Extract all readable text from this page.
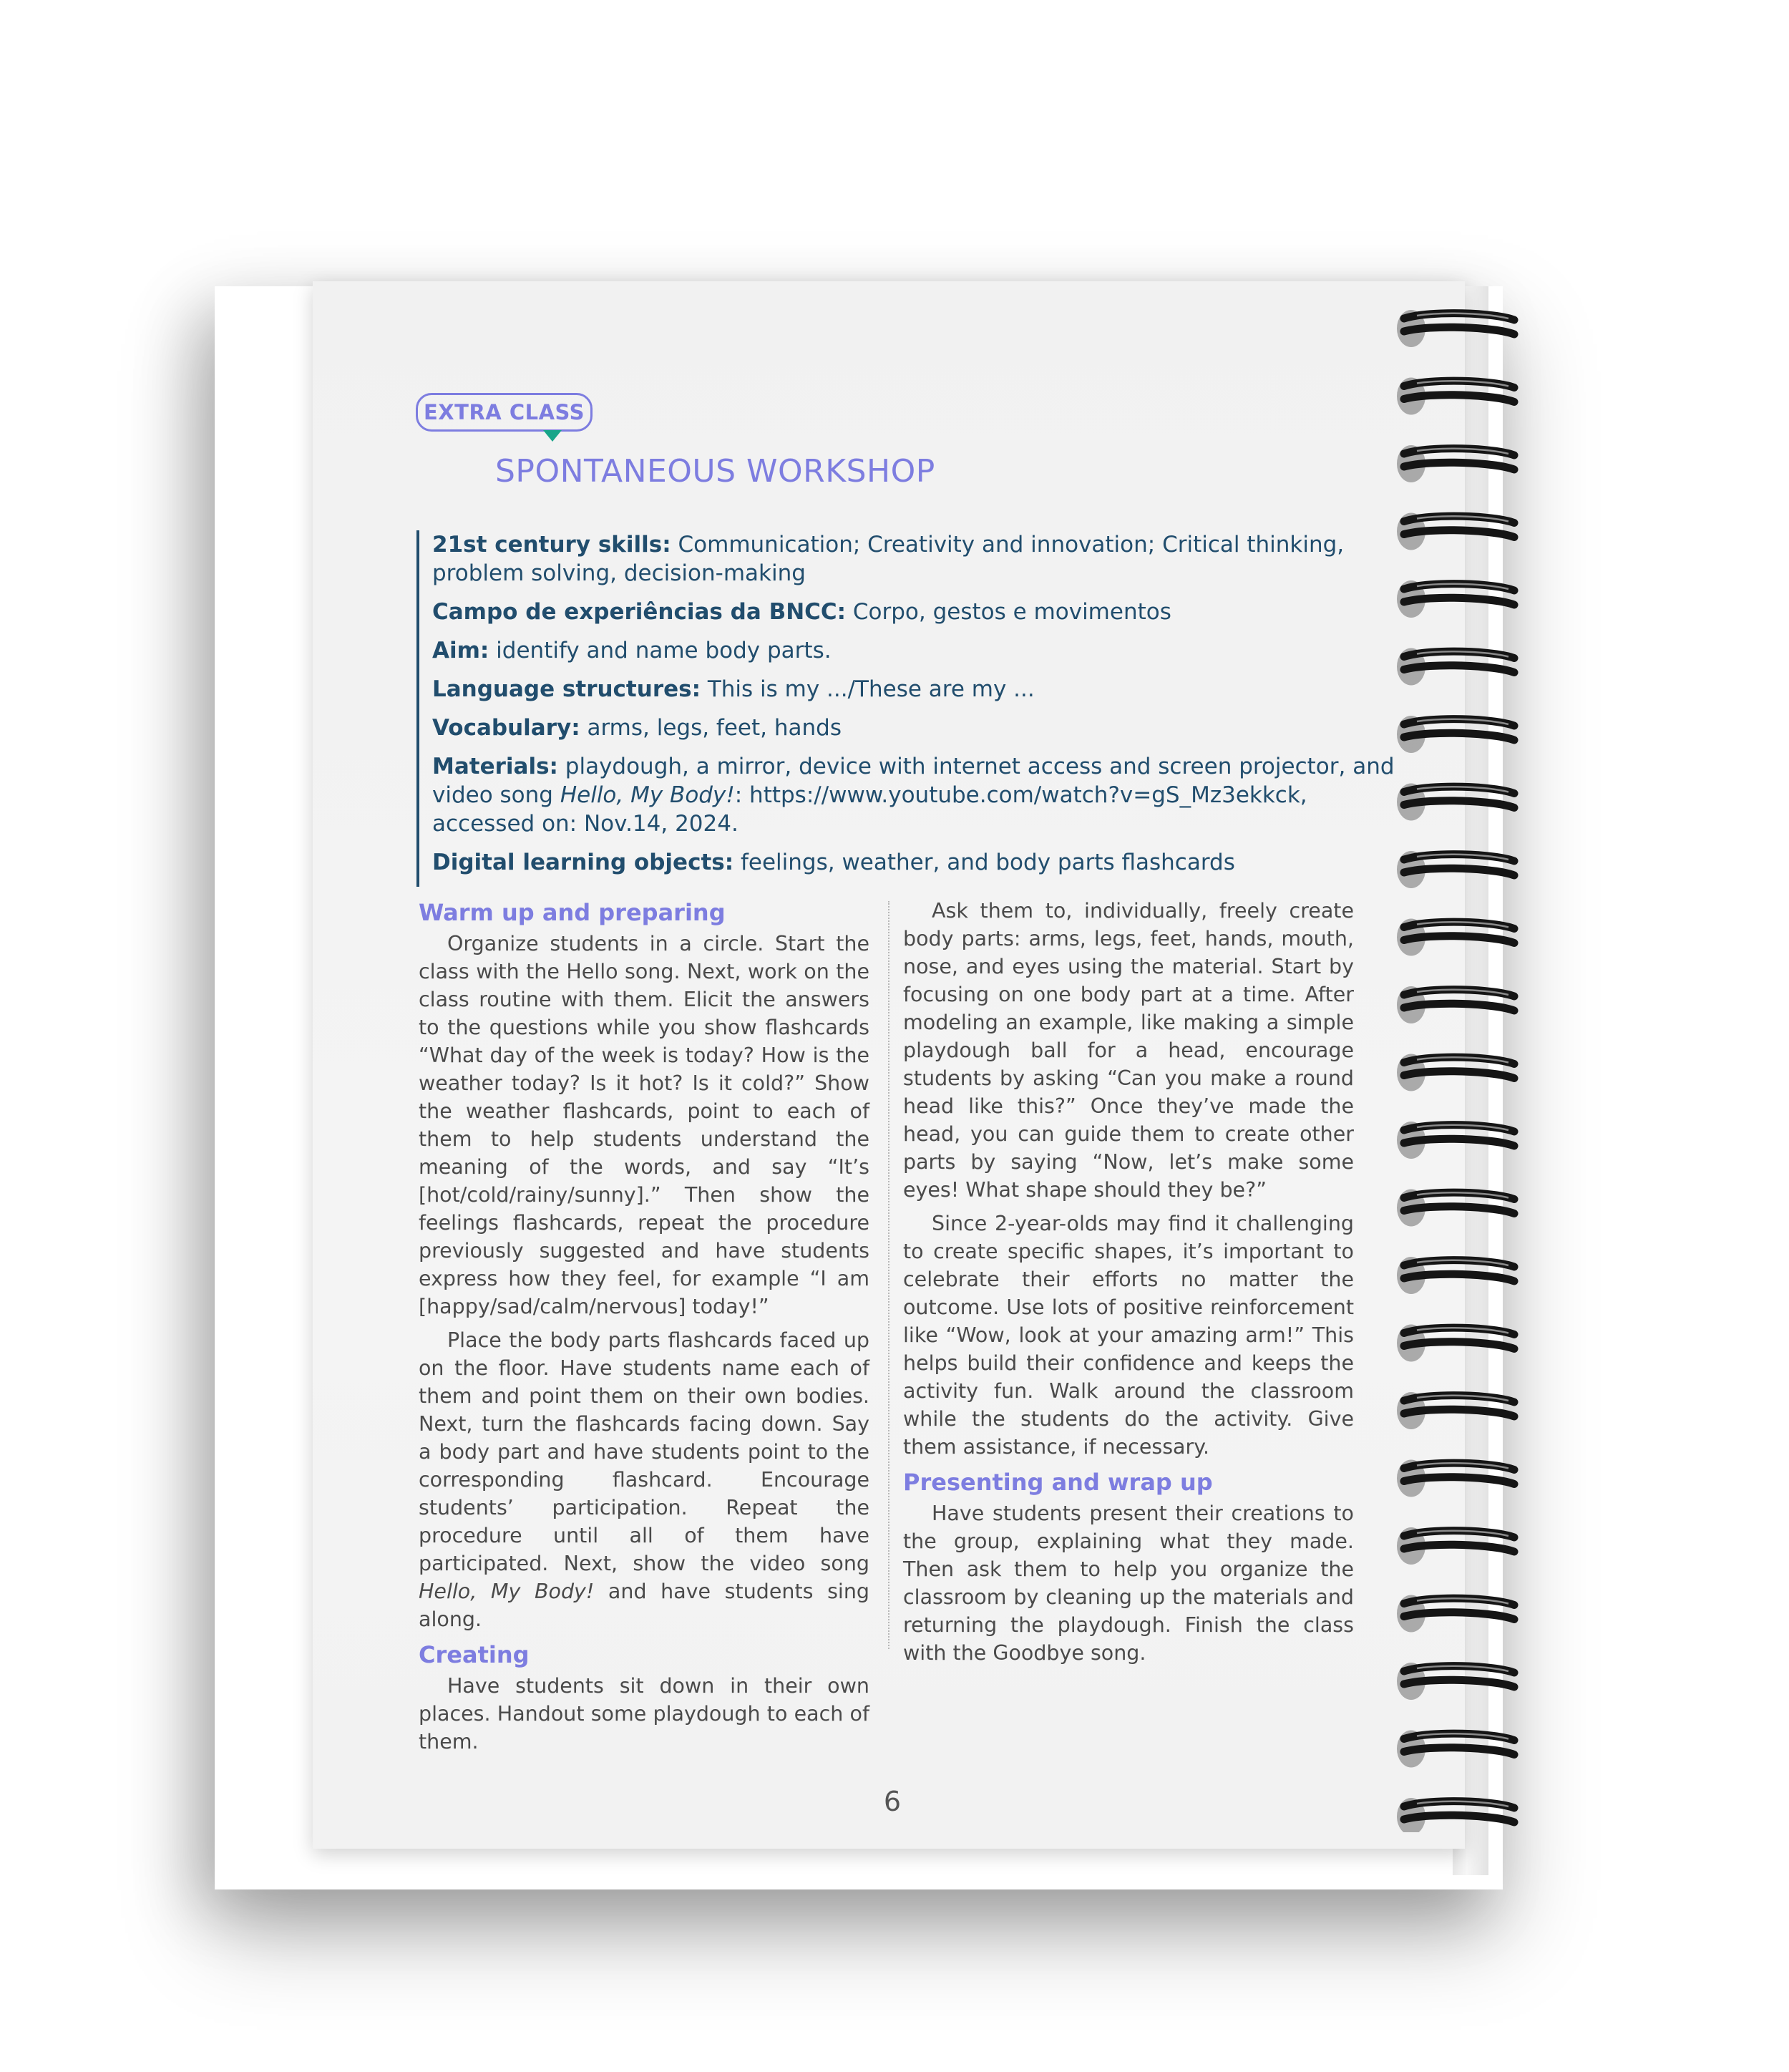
EXTRA CLASS
SPONTANEOUS WORKSHOP

21st century skills: Communication; Creativity and innovation; Critical thinking, problem solving, decision-making

Campo de experiências da BNCC: Corpo, gestos e movimentos

Aim: identify and name body parts.

Language structures: This is my .../These are my ...

Vocabulary: arms, legs, feet, hands

Materials: playdough, a mirror, device with internet access and screen projector, and video song Hello, My Body!: https://www.youtube.com/watch?v=gS_Mz3ekkck, accessed on: Nov.14, 2024.

Digital learning objects: feelings, weather, and body parts flashcards

Warm up and preparing

Organize students in a circle. Start the class with the Hello song. Next, work on the class routine with them. Elicit the answers to the questions while you show flashcards “What day of the week is today? How is the weather today? Is it hot? Is it cold?” Show the weather flashcards, point to each of them to help students understand the meaning of the words, and say “It’s [hot/cold/rainy/sunny].” Then show the feelings flashcards, repeat the procedure previously suggested and have students express how they feel, for example “I am [happy/sad/calm/nervous] today!”

Place the body parts flashcards faced up on the floor. Have students name each of them and point them on their own bodies. Next, turn the flashcards facing down. Say a body part and have students point to the corresponding flashcard. Encourage students’ participation. Repeat the procedure until all of them have participated. Next, show the video song Hello, My Body! and have students sing along.

Creating

Have students sit down in their own places. Handout some playdough to each of them.

Ask them to, individually, freely create body parts: arms, legs, feet, hands, mouth, nose, and eyes using the material. Start by focusing on one body part at a time. After modeling an example, like making a simple playdough ball for a head, encourage students by asking “Can you make a round head like this?” Once they’ve made the head, you can guide them to create other parts by saying “Now, let’s make some eyes! What shape should they be?”

Since 2-year-olds may find it challenging to create specific shapes, it’s important to celebrate their efforts no matter the outcome. Use lots of positive reinforcement like “Wow, look at your amazing arm!” This helps build their confidence and keeps the activity fun. Walk around the classroom while the students do the activity. Give them assistance, if necessary.

Presenting and wrap up

Have students present their creations to the group, explaining what they made. Then ask them to help you organize the classroom by cleaning up the materials and returning the playdough. Finish the class with the Goodbye song.

6
